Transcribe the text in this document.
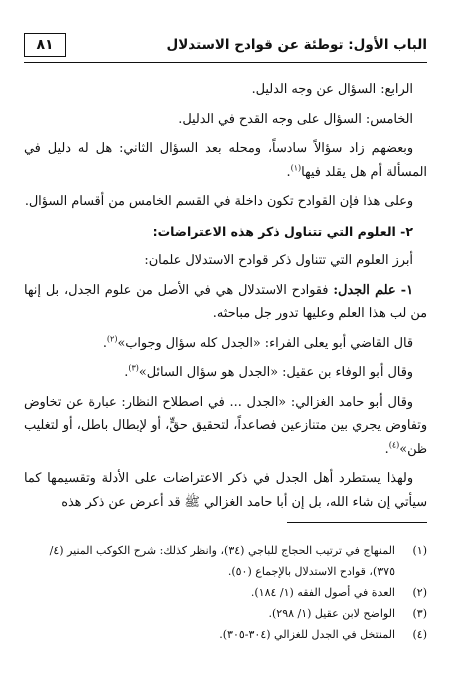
الباب الأول: توطئة عن قوادح الاستدلال
٨١

الرابع: السؤال عن وجه الدليل.

الخامس: السؤال على وجه القدح في الدليل.

وبعضهم زاد سؤالاً سادساً، ومحله بعد السؤال الثاني: هل له دليل في المسألة أم هل يقلد فيها$^{(١)}$.

وعلى هذا فإن القوادح تكون داخلة في القسم الخامس من أقسام السؤال.

٢- العلوم التي تتناول ذكر هذه الاعتراضات:

أبرز العلوم التي تتناول ذكر قوادح الاستدلال علمان:

١- علم الجدل: فقوادح الاستدلال هي في الأصل من علوم الجدل، بل إنها من لب هذا العلم وعليها تدور جل مباحثه.

قال القاضي أبو يعلى الفراء: «الجدل كله سؤال وجواب»$^{(٢)}$.

وقال أبو الوفاء بن عقيل: «الجدل هو سؤال السائل»$^{(٣)}$.

وقال أبو حامد الغزالي: «الجدل ... في اصطلاح النظار: عبارة عن تخاوض وتفاوض يجري بين متنازعين فصاعداً، لتحقيق حقٍّ، أو لإبطال باطل، أو لتغليب ظن»$^{(٤)}$.

ولهذا يستطرد أهل الجدل في ذكر الاعتراضات على الأدلة وتقسيمها كما سيأتي إن شاء الله، بل إن أبا حامد الغزالي ﷺ قد أعرض عن ذكر هذه

(١)
المنهاج في ترتيب الحجاج للباجي (٣٤)، وانظر كذلك: شرح الكوكب المنير (٤/ ٣٧٥)، قوادح الاستدلال بالإجماع (٥٠).
(٢)
العدة في أصول الفقه (١/ ١٨٤).
(٣)
الواضح لابن عقيل (١/ ٢٩٨).
(٤)
المنتخل في الجدل للغزالي (٣٠٤-٣٠٥).
